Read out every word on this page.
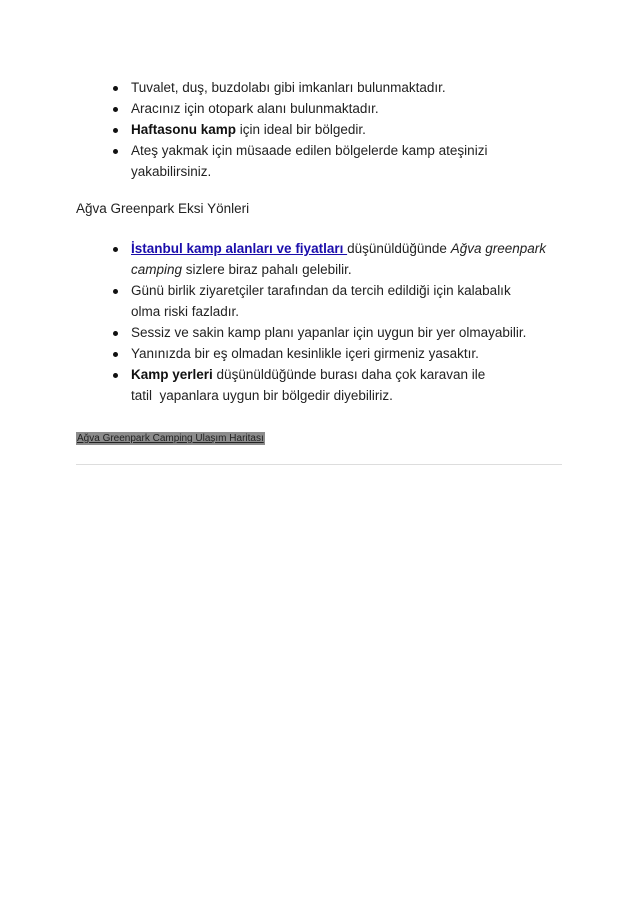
Tuvalet, duş, buzdolabı gibi imkanları bulunmaktadır.
Aracınız için otopark alanı bulunmaktadır.
Haftasonu kamp için ideal bir bölgedir.
Ateş yakmak için müsaade edilen bölgelerde kamp ateşinizi
yakabilirsiniz.
Ağva Greenpark Eksi Yönleri
İstanbul kamp alanları ve fiyatları düşünüldüğünde Ağva greenpark
camping sizlere biraz pahalı gelebilir.
Günü birlik ziyaretçiler tarafından da tercih edildiği için kalabalık
olma riski fazladır.
Sessiz ve sakin kamp planı yapanlar için uygun bir yer olmayabilir.
Yanınızda bir eş olmadan kesinlikle içeri girmeniz yasaktır.
Kamp yerleri düşünüldüğünde burası daha çok karavan ile
tatil  yapanlara uygun bir bölgedir diyebiliriz.
Ağva Greenpark Camping Ulaşım Haritası
